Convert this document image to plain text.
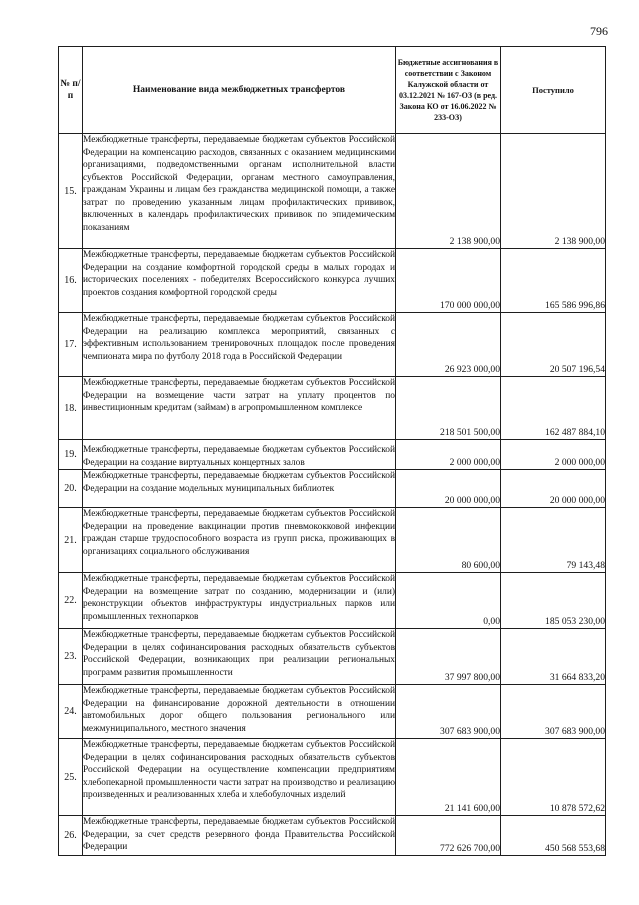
796
№ п/п	Наименование вида межбюджетных трансфертов	Бюджетные ассигнования в соответствии с Законом Калужской области от 03.12.2021 № 167-ОЗ (в ред. Закона КО от 16.06.2022 № 233-ОЗ)	Поступило
15.	Межбюджетные трансферты, передаваемые бюджетам субъектов Российской Федерации на компенсацию расходов, связанных с оказанием медицинскими организациями, подведомственными органам исполнительной власти субъектов Российской Федерации, органам местного самоуправления, гражданам Украины и лицам без гражданства медицинской помощи, а также затрат по проведению указанным лицам профилактических прививок, включенных в календарь профилактических прививок по эпидемическим показаниям	2 138 900,00	2 138 900,00
16.	Межбюджетные трансферты, передаваемые бюджетам субъектов Российской Федерации на создание комфортной городской среды в малых городах и исторических поселениях - победителях Всероссийского конкурса лучших проектов создания комфортной городской среды	170 000 000,00	165 586 996,86
17.	Межбюджетные трансферты, передаваемые бюджетам субъектов Российской Федерации на реализацию комплекса мероприятий, связанных с эффективным использованием тренировочных площадок после проведения чемпионата мира по футболу 2018 года в Российской Федерации	26 923 000,00	20 507 196,54
18.	Межбюджетные трансферты, передаваемые бюджетам субъектов Российской Федерации на возмещение части затрат на уплату процентов по инвестиционным кредитам (займам) в агропромышленном комплексе	218 501 500,00	162 487 884,10
19.	Межбюджетные трансферты, передаваемые бюджетам субъектов Российской Федерации на создание виртуальных концертных залов	2 000 000,00	2 000 000,00
20.	Межбюджетные трансферты, передаваемые бюджетам субъектов Российской Федерации на создание модельных муниципальных библиотек	20 000 000,00	20 000 000,00
21.	Межбюджетные трансферты, передаваемые бюджетам субъектов Российской Федерации на проведение вакцинации против пневмококковой инфекции граждан старше трудоспособного возраста из групп риска, проживающих в организациях социального обслуживания	80 600,00	79 143,48
22.	Межбюджетные трансферты, передаваемые бюджетам субъектов Российской Федерации на возмещение затрат по созданию, модернизации и (или) реконструкции объектов инфраструктуры индустриальных парков или промышленных технопарков	0,00	185 053 230,00
23.	Межбюджетные трансферты, передаваемые бюджетам субъектов Российской Федерации в целях софинансирования расходных обязательств субъектов Российской Федерации, возникающих при реализации региональных программ развития промышленности	37 997 800,00	31 664 833,20
24.	Межбюджетные трансферты, передаваемые бюджетам субъектов Российской Федерации на финансирование дорожной деятельности в отношении автомобильных дорог общего пользования регионального или межмуниципального, местного значения	307 683 900,00	307 683 900,00
25.	Межбюджетные трансферты, передаваемые бюджетам субъектов Российской Федерации в целях софинансирования расходных обязательств субъектов Российской Федерации на осуществление компенсации предприятиям хлебопекарной промышленности части затрат на производство и реализацию произведенных и реализованных хлеба и хлебобулочных изделий	21 141 600,00	10 878 572,62
26.	Межбюджетные трансферты, передаваемые бюджетам субъектов Российской Федерации, за счет средств резервного фонда Правительства Российской Федерации	772 626 700,00	450 568 553,68
